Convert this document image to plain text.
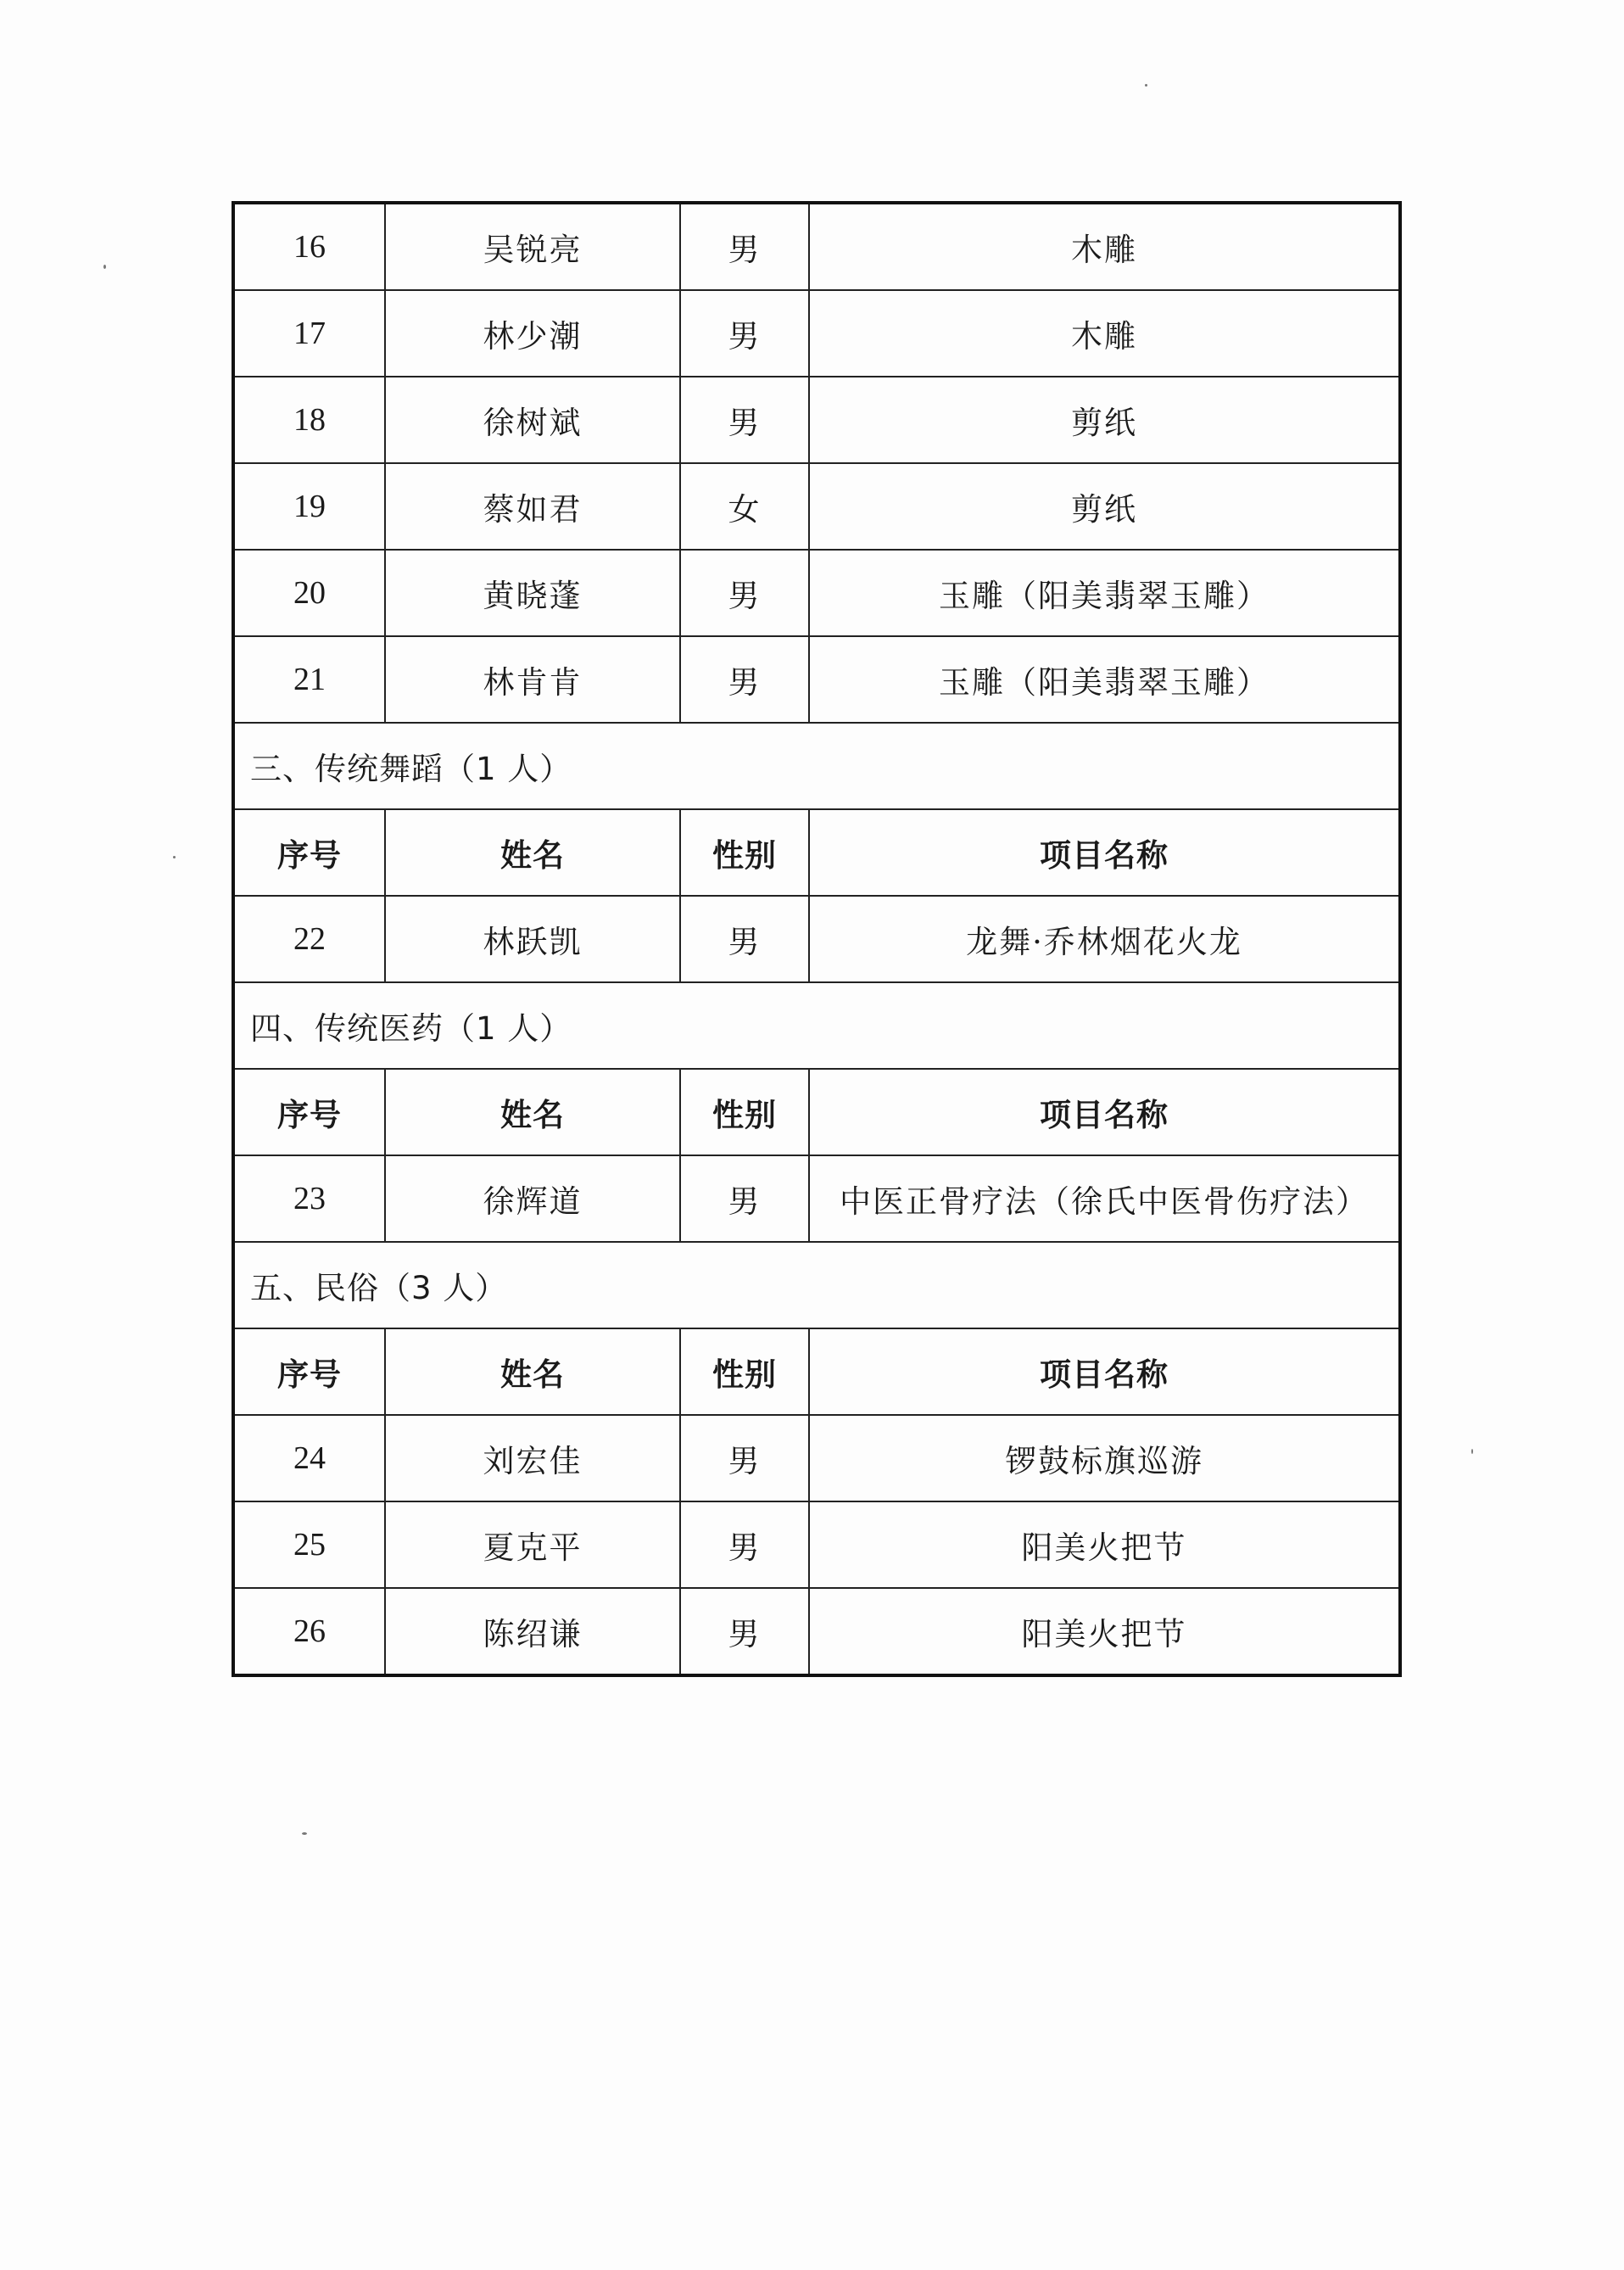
16	吴锐亮	男	木雕
17	林少潮	男	木雕
18	徐树斌	男	剪纸
19	蔡如君	女	剪纸
20	黄晓蓬	男	玉雕（阳美翡翠玉雕）
21	林肯肯	男	玉雕（阳美翡翠玉雕）
三、传统舞蹈（1 人）			
序号	姓名	性别	项目名称
22	林跃凯	男	龙舞·乔林烟花火龙
四、传统医药（1 人）			
序号	姓名	性别	项目名称
23	徐辉道	男	中医正骨疗法（徐氏中医骨伤疗法）
五、民俗（3 人）			
序号	姓名	性别	项目名称
24	刘宏佳	男	锣鼓标旗巡游
25	夏克平	男	阳美火把节
26	陈绍谦	男	阳美火把节
